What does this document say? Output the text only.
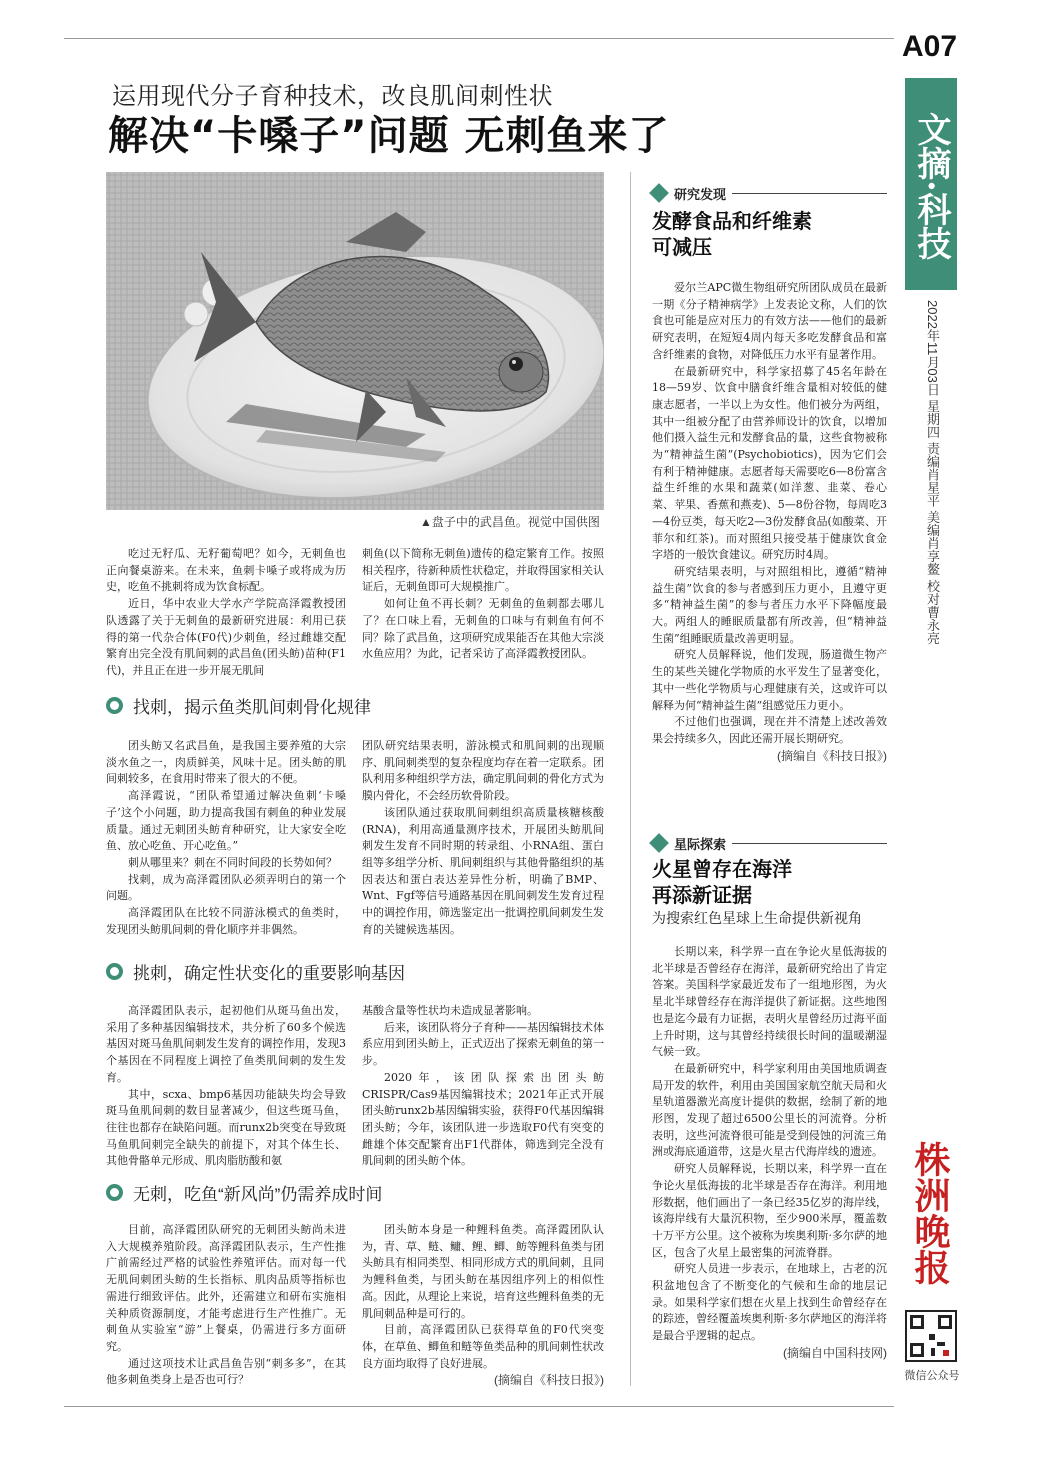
A07
文摘·科技
2022年11月03日 星期四 责编肖星平 美编肖享鳌 校对曹永亮
株洲晚报
微信公众号
运用现代分子育种技术，改良肌间刺性状
解决“卡嗓子”问题 无刺鱼来了
▲盘子中的武昌鱼。视觉中国供图

吃过无籽瓜、无籽葡萄吧？如今，无刺鱼也正向餐桌游来。在未来，鱼刺卡嗓子或将成为历史，吃鱼不挑刺将成为饮食标配。

近日，华中农业大学水产学院高泽霞教授团队透露了关于无刺鱼的最新研究进展：利用已获得的第一代杂合体(F0代)少刺鱼，经过雌雄交配繁育出完全没有肌间刺的武昌鱼(团头鲂)苗种(F1代)，并且正在进一步开展无肌间

刺鱼(以下简称无刺鱼)遗传的稳定繁育工作。按照相关程序，待新种质性状稳定，并取得国家相关认证后，无刺鱼即可大规模推广。

如何让鱼不再长刺？无刺鱼的鱼刺都去哪儿了？在口味上看，无刺鱼的口味与有刺鱼有何不同？除了武昌鱼，这项研究成果能否在其他大宗淡水鱼应用？为此，记者采访了高泽霞教授团队。

找刺，揭示鱼类肌间刺骨化规律

团头鲂又名武昌鱼，是我国主要养殖的大宗淡水鱼之一，肉质鲜美，风味十足。团头鲂的肌间刺较多，在食用时带来了很大的不便。

高泽霞说，“团队希望通过解决鱼刺‘卡嗓子’这个小问题，助力提高我国有刺鱼的种业发展质量。通过无刺团头鲂育种研究，让大家安全吃鱼、放心吃鱼、开心吃鱼。”

刺从哪里来？刺在不同时间段的长势如何？

找刺，成为高泽霞团队必须弄明白的第一个问题。

高泽霞团队在比较不同游泳模式的鱼类时，发现团头鲂肌间刺的骨化顺序并非偶然。

团队研究结果表明，游泳模式和肌间刺的出现顺序、肌间刺类型的复杂程度均存在着一定联系。团队利用多种组织学方法，确定肌间刺的骨化方式为膜内骨化，不会经历软骨阶段。

该团队通过获取肌间刺组织高质量核糖核酸(RNA)，利用高通量测序技术，开展团头鲂肌间刺发生发育不同时期的转录组、小RNA组、蛋白组等多组学分析、肌间刺组织与其他骨骼组织的基因表达和蛋白表达差异性分析，明确了BMP、Wnt、Fgf等信号通路基因在肌间刺发生发育过程中的调控作用，筛选鉴定出一批调控肌间刺发生发育的关键候选基因。

挑刺，确定性状变化的重要影响基因

高泽霞团队表示，起初他们从斑马鱼出发，采用了多种基因编辑技术，共分析了60多个候选基因对斑马鱼肌间刺发生发育的调控作用，发现3个基因在不同程度上调控了鱼类肌间刺的发生发育。

其中，scxa、bmp6基因功能缺失均会导致斑马鱼肌间刺的数目显著减少，但这些斑马鱼，往往也都存在缺陷问题。而runx2b突变在导致斑马鱼肌间刺完全缺失的前提下，对其个体生长、其他骨骼单元形成、肌肉脂肪酸和氨

基酸含量等性状均未造成显著影响。

后来，该团队将分子育种——基因编辑技术体系应用到团头鲂上，正式迈出了探索无刺鱼的第一步。

2020年，该团队探索出团头鲂CRISPR/Cas9基因编辑技术；2021年正式开展团头鲂runx2b基因编辑实验，获得F0代基因编辑团头鲂；今年，该团队进一步选取F0代有突变的雌雄个体交配繁育出F1代群体，筛选到完全没有肌间刺的团头鲂个体。

无刺，吃鱼“新风尚”仍需养成时间

目前，高泽霞团队研究的无刺团头鲂尚未进入大规模养殖阶段。高泽霞团队表示，生产性推广前需经过严格的试验性养殖评估。而对每一代无肌间刺团头鲂的生长指标、肌肉品质等指标也需进行细致评估。此外，还需建立和研布实施相关种质资源制度，才能考虑进行生产性推广。无刺鱼从实验室“游”上餐桌，仍需进行多方面研究。

通过这项技术让武昌鱼告别“刺多多”，在其他多刺鱼类身上是否也可行？

团头鲂本身是一种鲤科鱼类。高泽霞团队认为，青、草、鲢、鳙、鲤、鲫、鲂等鲤科鱼类与团头鲂具有相同类型、相同形成方式的肌间刺，且同为鲤科鱼类，与团头鲂在基因组序列上的相似性高。因此，从理论上来说，培育这些鲤科鱼类的无肌间刺品种是可行的。

目前，高泽霞团队已获得草鱼的F0代突变体，在草鱼、鲫鱼和鲢等鱼类品种的肌间刺性状改良方面均取得了良好进展。

(摘编自《科技日报》)
研究发现
发酵食品和纤维素
可减压

爱尔兰APC微生物组研究所团队成员在最新一期《分子精神病学》上发表论文称，人们的饮食也可能是应对压力的有效方法——他们的最新研究表明，在短短4周内每天多吃发酵食品和富含纤维素的食物，对降低压力水平有显著作用。

在最新研究中，科学家招募了45名年龄在18—59岁、饮食中膳食纤维含量相对较低的健康志愿者，一半以上为女性。他们被分为两组，其中一组被分配了由营养师设计的饮食，以增加他们摄入益生元和发酵食品的量，这些食物被称为“精神益生菌”(Psychobiotics)，因为它们会有利于精神健康。志愿者每天需要吃6—8份富含益生纤维的水果和蔬菜(如洋葱、韭菜、卷心菜、苹果、香蕉和燕麦)、5—8份谷物，每周吃3—4份豆类，每天吃2—3份发酵食品(如酸菜、开菲尔和红茶)。而对照组只接受基于健康饮食金字塔的一般饮食建议。研究历时4周。

研究结果表明，与对照组相比，遵循“精神益生菌”饮食的参与者感到压力更小，且遵守更多“精神益生菌”的参与者压力水平下降幅度最大。两组人的睡眠质量都有所改善，但“精神益生菌”组睡眠质量改善更明显。

研究人员解释说，他们发现，肠道微生物产生的某些关键化学物质的水平发生了显著变化，其中一些化学物质与心理健康有关，这或许可以解释为何“精神益生菌”组感觉压力更小。

不过他们也强调，现在并不清楚上述改善效果会持续多久，因此还需开展长期研究。

(摘编自《科技日报》)
星际探索
火星曾存在海洋
再添新证据
为搜索红色星球上生命提供新视角

长期以来，科学界一直在争论火星低海拔的北半球是否曾经存在海洋，最新研究给出了肯定答案。美国科学家最近发布了一组地形图，为火星北半球曾经存在海洋提供了新证据。这些地图也是迄今最有力证据，表明火星曾经历过海平面上升时期，这与其曾经持续很长时间的温暖潮湿气候一致。

在最新研究中，科学家利用由美国地质调查局开发的软件，利用由美国国家航空航天局和火星轨道器激光高度计提供的数据，绘制了新的地形图，发现了超过6500公里长的河流脊。分析表明，这些河流脊很可能是受到侵蚀的河流三角洲或海底通道带，这是火星古代海岸线的遗迹。

研究人员解释说，长期以来，科学界一直在争论火星低海拔的北半球是否存在海洋。利用地形数据，他们画出了一条已经35亿岁的海岸线，该海岸线有大量沉积物，至少900米厚，覆盖数十万平方公里。这个被称为埃奥利斯·多尔萨的地区，包含了火星上最密集的河流脊群。

研究人员进一步表示，在地球上，古老的沉积盆地包含了不断变化的气候和生命的地层记录。如果科学家们想在火星上找到生命曾经存在的踪迹，曾经覆盖埃奥利斯·多尔萨地区的海洋将是最合乎逻辑的起点。

(摘编自中国科技网)
